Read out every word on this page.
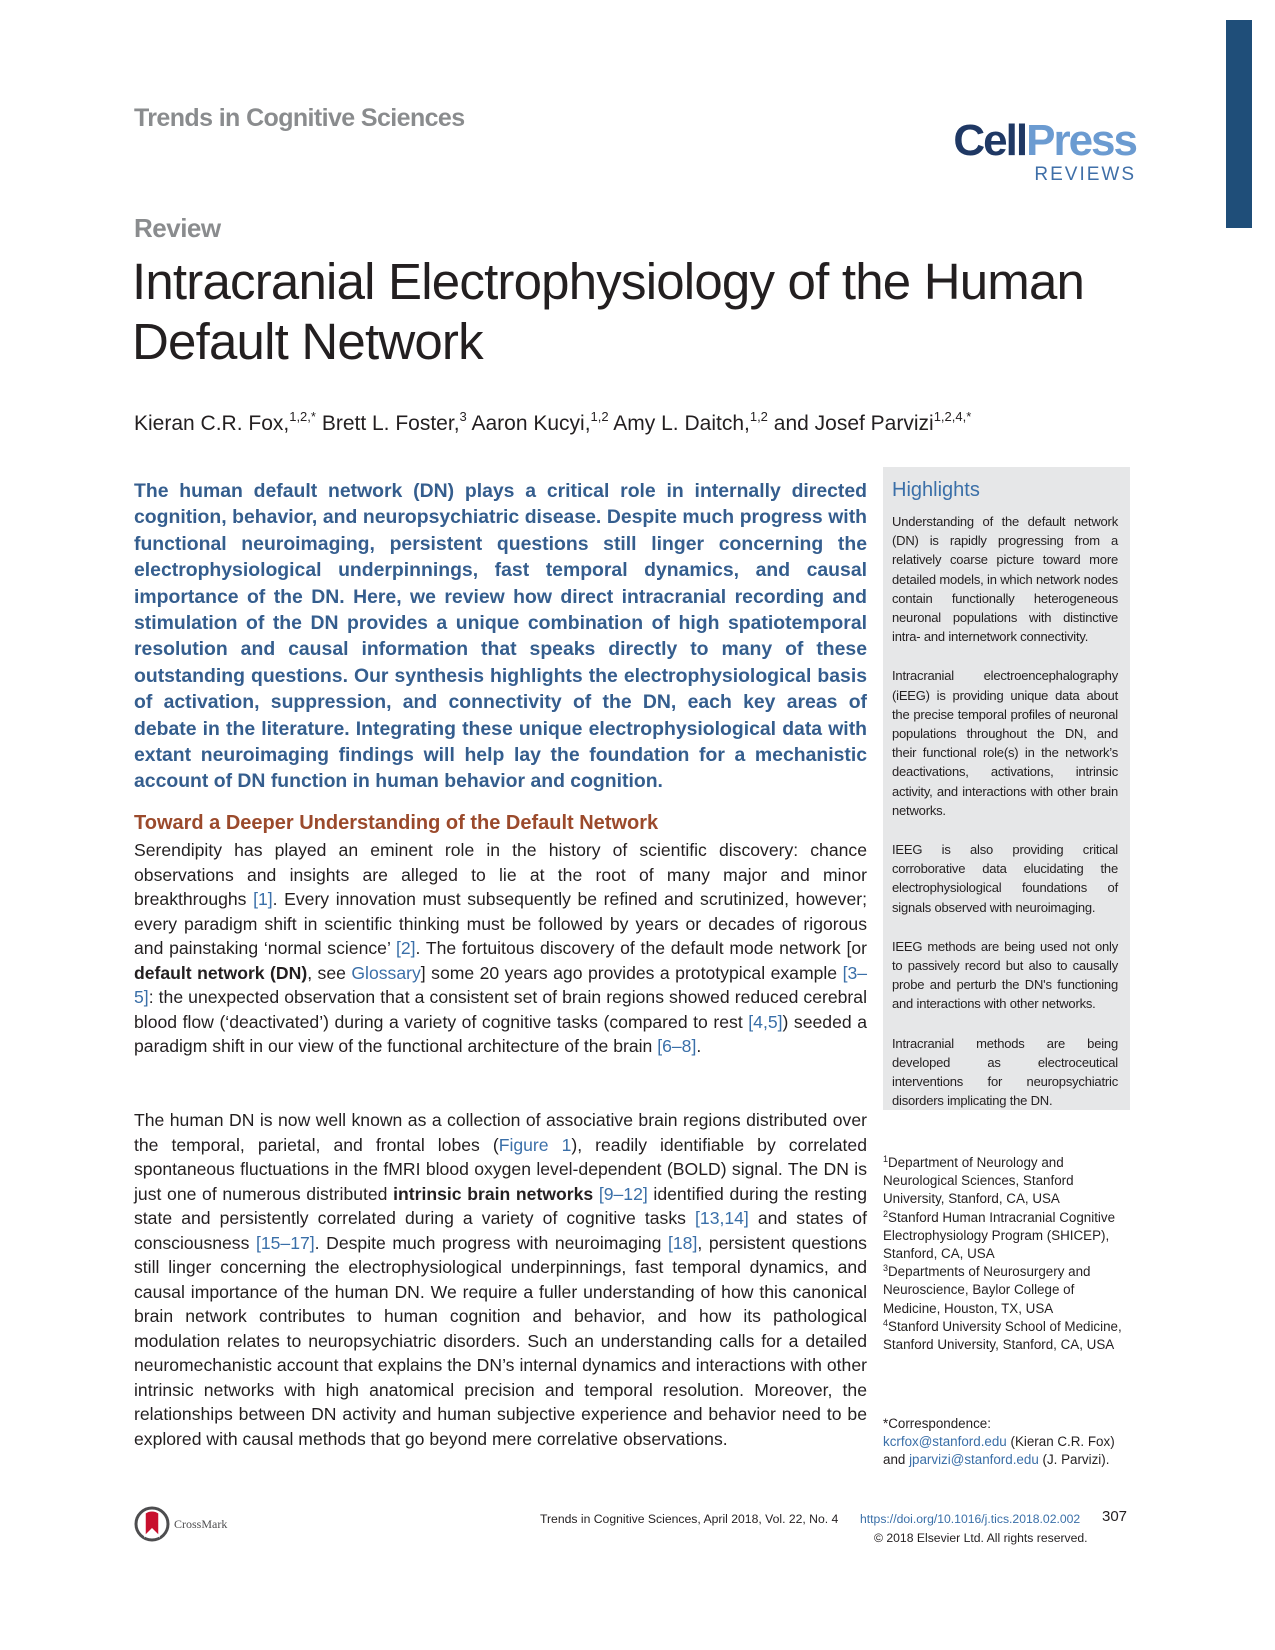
Trends in Cognitive Sciences	CellPress
REVIEWS
Review
Intracranial Electrophysiology of the Human Default Network
Kieran C.R. Fox,$^{1,2,*}$ Brett L. Foster,$^3$ Aaron Kucyi,$^{1,2}$ Amy L. Daitch,$^{1,2}$ and Josef Parvizi$^{1,2,4,*}$

The human default network (DN) plays a critical role in internally directed cognition, behavior, and neuropsychiatric disease. Despite much progress with functional neuroimaging, persistent questions still linger concerning the electrophysiological underpinnings, fast temporal dynamics, and causal importance of the DN. Here, we review how direct intracranial recording and stimulation of the DN provides a unique combination of high spatiotemporal resolution and causal information that speaks directly to many of these outstanding questions. Our synthesis highlights the electrophysiological basis of activation, suppression, and connectivity of the DN, each key areas of debate in the literature. Integrating these unique electrophysiological data with extant neuroimaging findings will help lay the foundation for a mechanistic account of DN function in human behavior and cognition.

Toward a Deeper Understanding of the Default Network

Serendipity has played an eminent role in the history of scientific discovery: chance observations and insights are alleged to lie at the root of many major and minor breakthroughs [1]. Every innovation must subsequently be refined and scrutinized, however; every paradigm shift in scientific thinking must be followed by years or decades of rigorous and painstaking ‘normal science’ [2]. The fortuitous discovery of the default mode network [or default network (DN), see Glossary] some 20 years ago provides a prototypical example [3–5]: the unexpected observation that a consistent set of brain regions showed reduced cerebral blood flow (‘deactivated’) during a variety of cognitive tasks (compared to rest [4,5]) seeded a paradigm shift in our view of the functional architecture of the brain [6–8].

The human DN is now well known as a collection of associative brain regions distributed over the temporal, parietal, and frontal lobes (Figure 1), readily identifiable by correlated spontaneous fluctuations in the fMRI blood oxygen level-dependent (BOLD) signal. The DN is just one of numerous distributed intrinsic brain networks [9–12] identified during the resting state and persistently correlated during a variety of cognitive tasks [13,14] and states of consciousness [15–17]. Despite much progress with neuroimaging [18], persistent questions still linger concerning the electrophysiological underpinnings, fast temporal dynamics, and causal importance of the human DN. We require a fuller understanding of how this canonical brain network contributes to human cognition and behavior, and how its pathological modulation relates to neuropsychiatric disorders. Such an understanding calls for a detailed neuromechanistic account that explains the DN’s internal dynamics and interactions with other intrinsic networks with high anatomical precision and temporal resolution. Moreover, the relationships between DN activity and human subjective experience and behavior need to be explored with causal methods that go beyond mere correlative observations.

Highlights

Understanding of the default network (DN) is rapidly progressing from a relatively coarse picture toward more detailed models, in which network nodes contain functionally heterogeneous neuronal populations with distinctive intra- and internetwork connectivity.

Intracranial electroencephalography (iEEG) is providing unique data about the precise temporal profiles of neuronal populations throughout the DN, and their functional role(s) in the network’s deactivations, activations, intrinsic activity, and interactions with other brain networks.

IEEG is also providing critical corroborative data elucidating the electrophysiological foundations of signals observed with neuroimaging.

IEEG methods are being used not only to passively record but also to causally probe and perturb the DN's functioning and interactions with other networks.

Intracranial methods are being developed as electroceutical interventions for neuropsychiatric disorders implicating the DN.

$^1$Department of Neurology and Neurological Sciences, Stanford University, Stanford, CA, USA
$^2$Stanford Human Intracranial Cognitive Electrophysiology Program (SHICEP), Stanford, CA, USA
$^3$Departments of Neurosurgery and Neuroscience, Baylor College of Medicine, Houston, TX, USA
$^4$Stanford University School of Medicine, Stanford University, Stanford, CA, USA
*Correspondence:
kcrfox@stanford.edu (Kieran C.R. Fox)
and jparvizi@stanford.edu (J. Parvizi).
CrossMark	Trends in Cognitive Sciences, April 2018, Vol. 22, No. 4 https://doi.org/10.1016/j.tics.2018.02.002 307
© 2018 Elsevier Ltd. All rights reserved.
